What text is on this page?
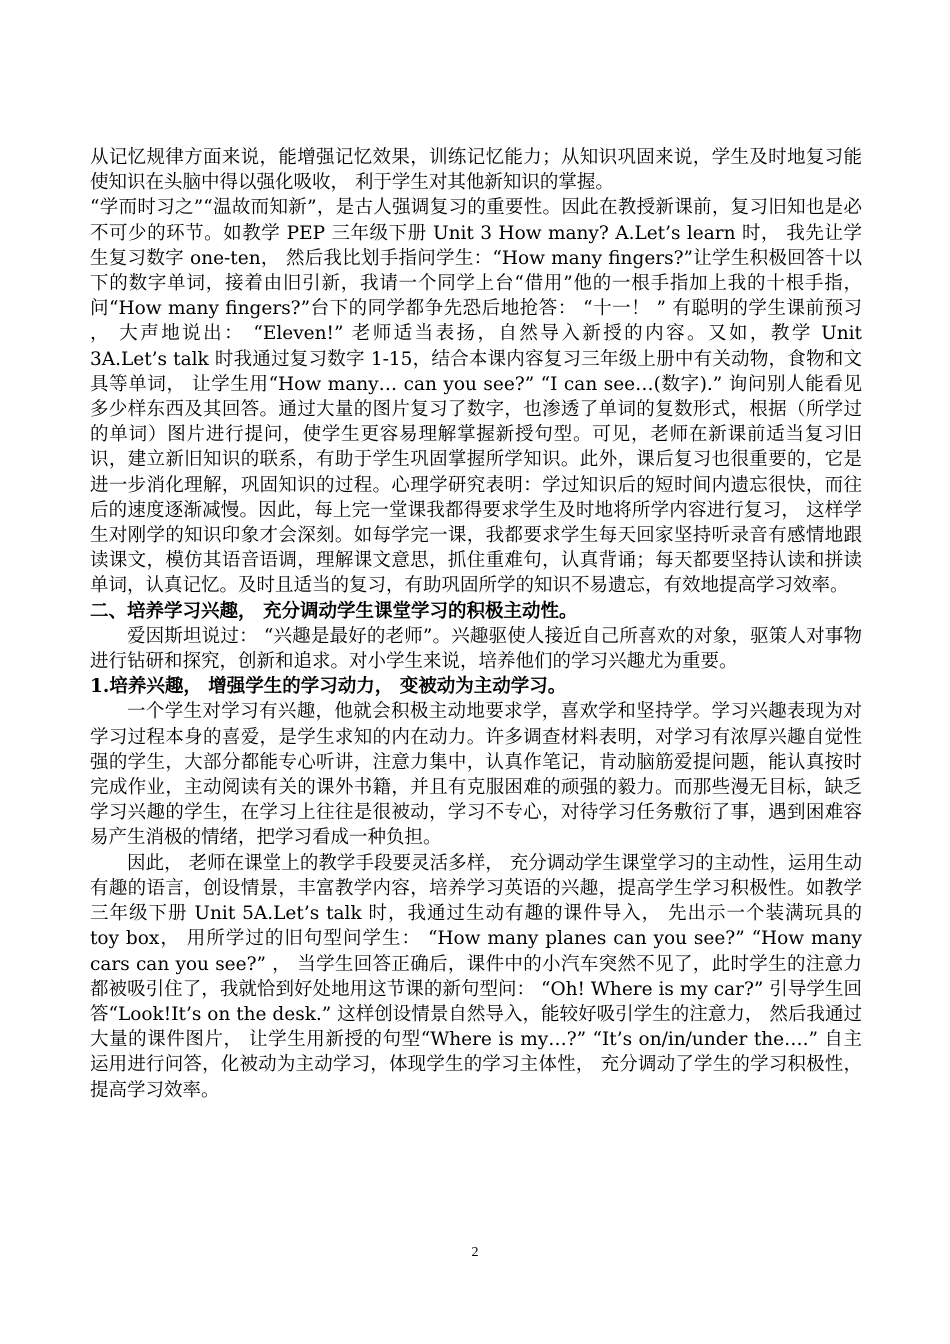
从记忆规律方面来说，能增强记忆效果，训练记忆能力；从知识巩固来说，学生及时地复习能使知识在头脑中得以强化吸收， 利于学生对其他新知识的掌握。

“学而时习之”“温故而知新”，是古人强调复习的重要性。因此在教授新课前，复习旧知也是必不可少的环节。如教学 PEP 三年级下册 Unit 3 How many? A.Let’s learn 时， 我先让学生复习数字 one-ten， 然后我比划手指问学生：“How many fingers?”让学生积极回答十以下的数字单词，接着由旧引新，我请一个同学上台“借用”他的一根手指加上我的十根手指， 问“How many fingers?”台下的同学都争先恐后地抢答： “十一！ ” 有聪明的学生课前预习 ， 大声地说出： “Eleven!” 老师适当表扬，自然导入新授的内容。又如，教学 Unit 3A.Let’s talk 时我通过复习数字 1-15，结合本课内容复习三年级上册中有关动物，食物和文具等单词， 让学生用“How many… can you see?” “I can see…(数字).” 询问别人能看见多少样东西及其回答。通过大量的图片复习了数字，也渗透了单词的复数形式，根据（所学过的单词）图片进行提问，使学生更容易理解掌握新授句型。可见，老师在新课前适当复习旧识，建立新旧知识的联系，有助于学生巩固掌握所学知识。此外，课后复习也很重要的，它是进一步消化理解，巩固知识的过程。心理学研究表明：学过知识后的短时间内遗忘很快，而往后的速度逐渐减慢。因此，每上完一堂课我都得要求学生及时地将所学内容进行复习， 这样学生对刚学的知识印象才会深刻。如每学完一课，我都要求学生每天回家坚持听录音有感情地跟读课文，模仿其语音语调，理解课文意思，抓住重难句，认真背诵；每天都要坚持认读和拼读单词，认真记忆。及时且适当的复习，有助巩固所学的知识不易遗忘，有效地提高学习效率。

二、培养学习兴趣， 充分调动学生课堂学习的积极主动性。

爱因斯坦说过： “兴趣是最好的老师”。兴趣驱使人接近自己所喜欢的对象，驱策人对事物进行钻研和探究，创新和追求。对小学生来说，培养他们的学习兴趣尤为重要。

1.培养兴趣， 增强学生的学习动力， 变被动为主动学习。

一个学生对学习有兴趣，他就会积极主动地要求学，喜欢学和坚持学。学习兴趣表现为对学习过程本身的喜爱，是学生求知的内在动力。许多调查材料表明，对学习有浓厚兴趣自觉性强的学生，大部分都能专心听讲，注意力集中，认真作笔记，肯动脑筋爱提问题，能认真按时完成作业，主动阅读有关的课外书籍，并且有克服困难的顽强的毅力。而那些漫无目标，缺乏学习兴趣的学生，在学习上往往是很被动，学习不专心，对待学习任务敷衍了事，遇到困难容易产生消极的情绪，把学习看成一种负担。

因此， 老师在课堂上的教学手段要灵活多样， 充分调动学生课堂学习的主动性，运用生动有趣的语言，创设情景，丰富教学内容，培养学习英语的兴趣，提高学生学习积极性。如教学三年级下册 Unit 5A.Let’s talk 时，我通过生动有趣的课件导入， 先出示一个装满玩具的 toy box， 用所学过的旧句型问学生： “How many planes can you see?” “How many cars can you see?” ， 当学生回答正确后，课件中的小汽车突然不见了，此时学生的注意力都被吸引住了，我就恰到好处地用这节课的新句型问： “Oh! Where is my car?” 引导学生回答“Look!It’s on the desk.” 这样创设情景自然导入，能较好吸引学生的注意力， 然后我通过大量的课件图片， 让学生用新授的句型“Where is my…?” “It’s on/in/under the….” 自主运用进行问答，化被动为主动学习，体现学生的学习主体性， 充分调动了学生的学习积极性， 提高学习效率。

2
